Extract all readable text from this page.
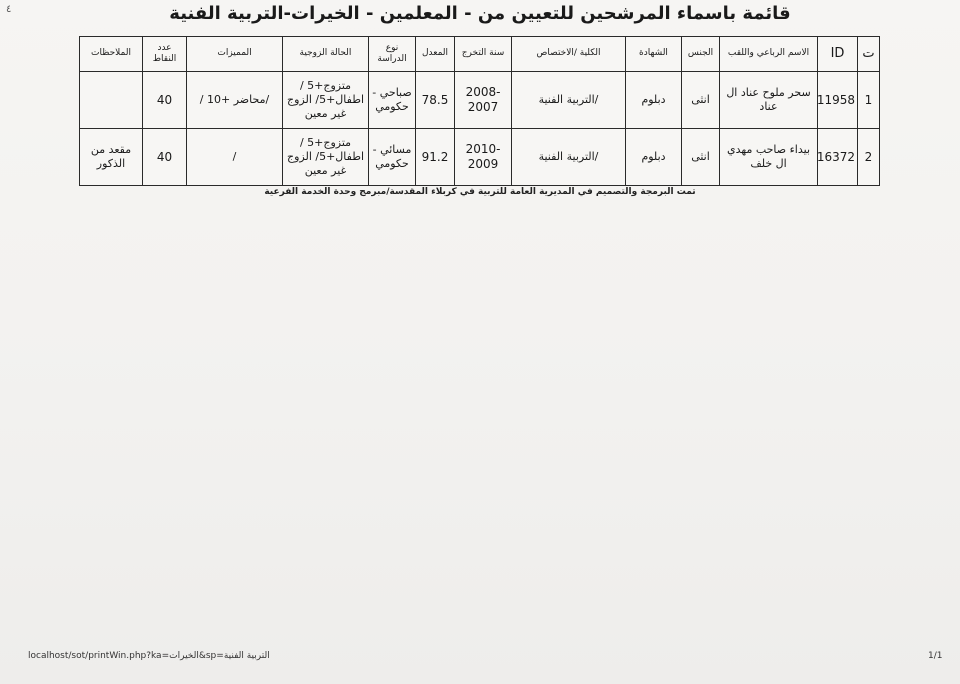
٤	قائمة باسماء المرشحين للتعيين من - المعلمين - الخيرات-التربية الفنية
ت	ID	الاسم الرباعي واللقب	الجنس	الشهادة	الكلية /الاختصاص	سنة التخرج	المعدل	نوع الدراسة	الحالة الزوجية	المميزات	عدد النقاط	الملاحظات
1	11958	سحر ملوح عناد ال عناد	انثى	دبلوم	/التربية الفنية	2008-2007	78.5	صباحي - حكومي	متزوج+5 / اطفال+5/ الزوج غير معين	/محاضر +10 /	40	
2	16372	بيداء صاحب مهدي ال خلف	انثى	دبلوم	/التربية الفنية	2010-2009	91.2	مسائي - حكومي	متزوج+5 / اطفال+5/ الزوج غير معين	/	40	مقعد من الذكور
تمت البرمجة والتصميم في المديرية العامة للتربية في كربلاء المقدسة/مبرمج وحدة الخدمة الفرعية
localhost/sot/printWin.php?ka=الخيرات&sp=التربية الفنية	1/1
